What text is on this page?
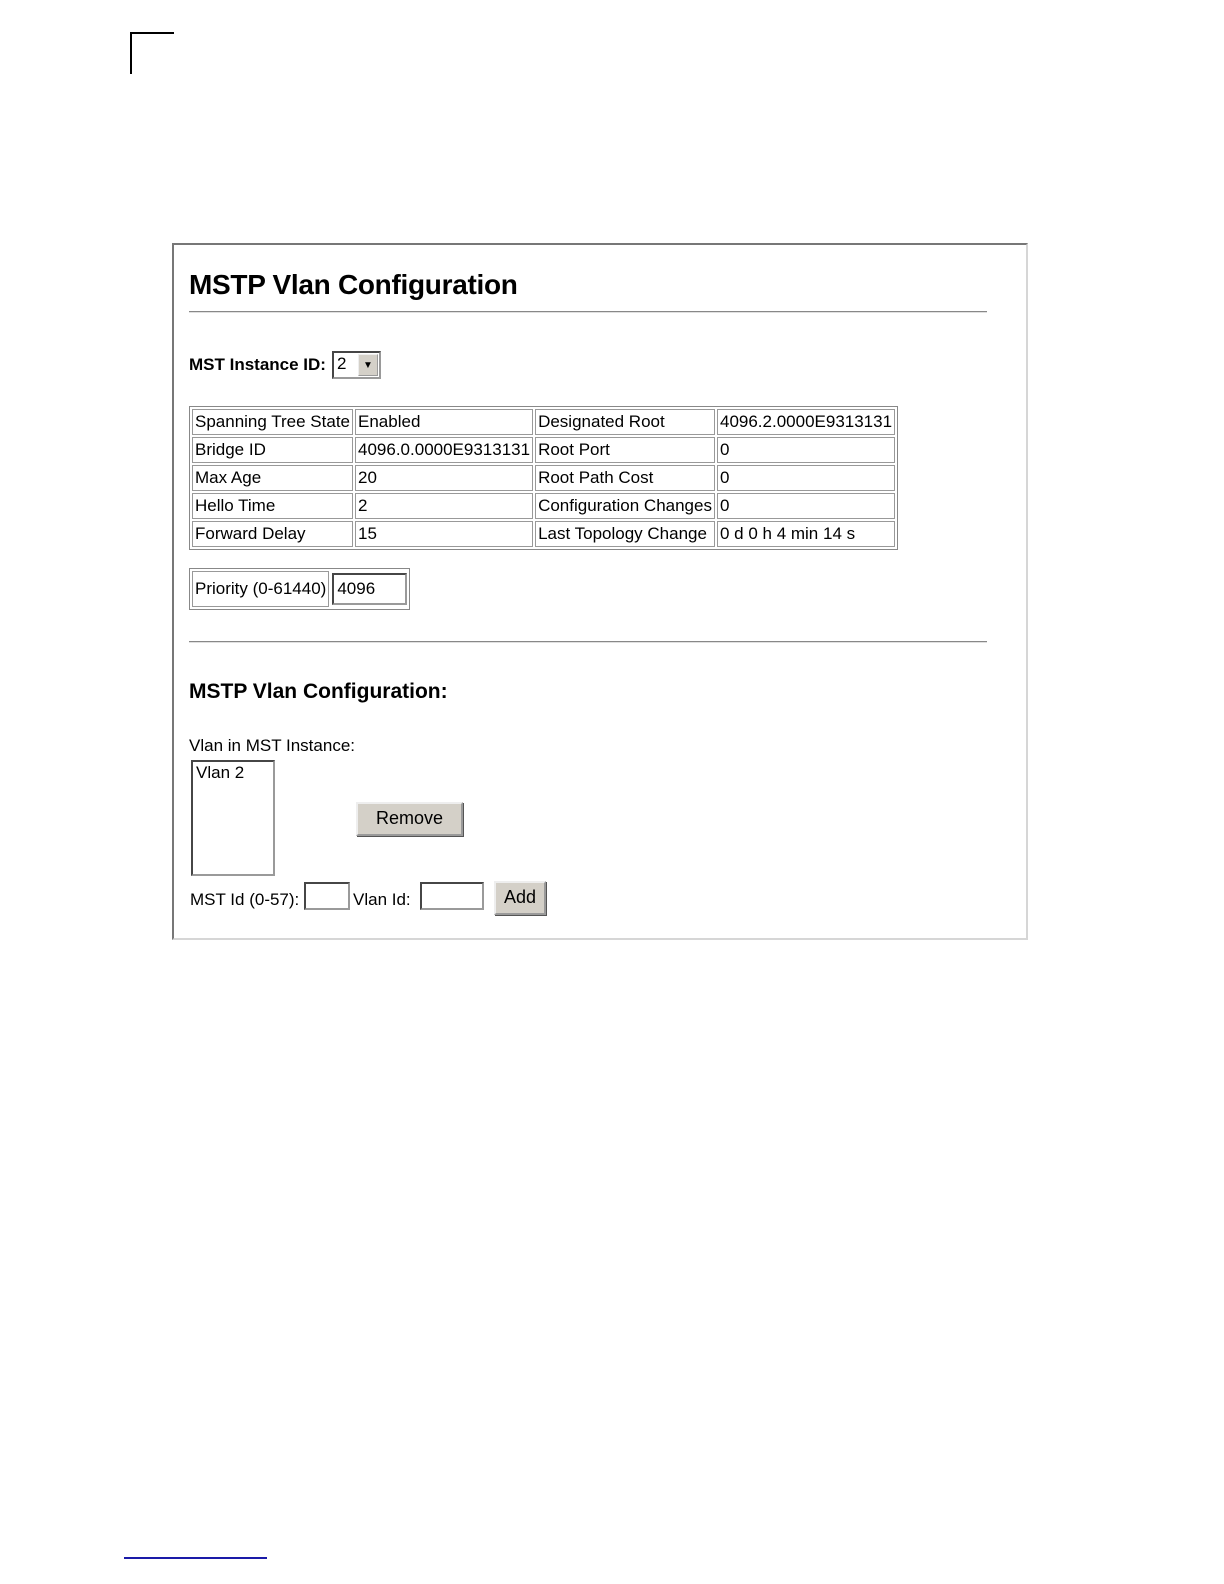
MSTP Vlan Configuration
MST Instance ID: 2	▼
Spanning Tree State	Enabled	Designated Root	4096.2.0000E9313131
Bridge ID	4096.0.0000E9313131	Root Port	0
Max Age	20	Root Path Cost	0
Hello Time	2	Configuration Changes	0
Forward Delay	15	Last Topology Change	0 d 0 h 4 min 14 s
Priority (0-61440) 4096
MSTP Vlan Configuration:
Vlan in MST Instance:
Vlan 2
Remove
MST Id (0-57):	Vlan Id:	Add
